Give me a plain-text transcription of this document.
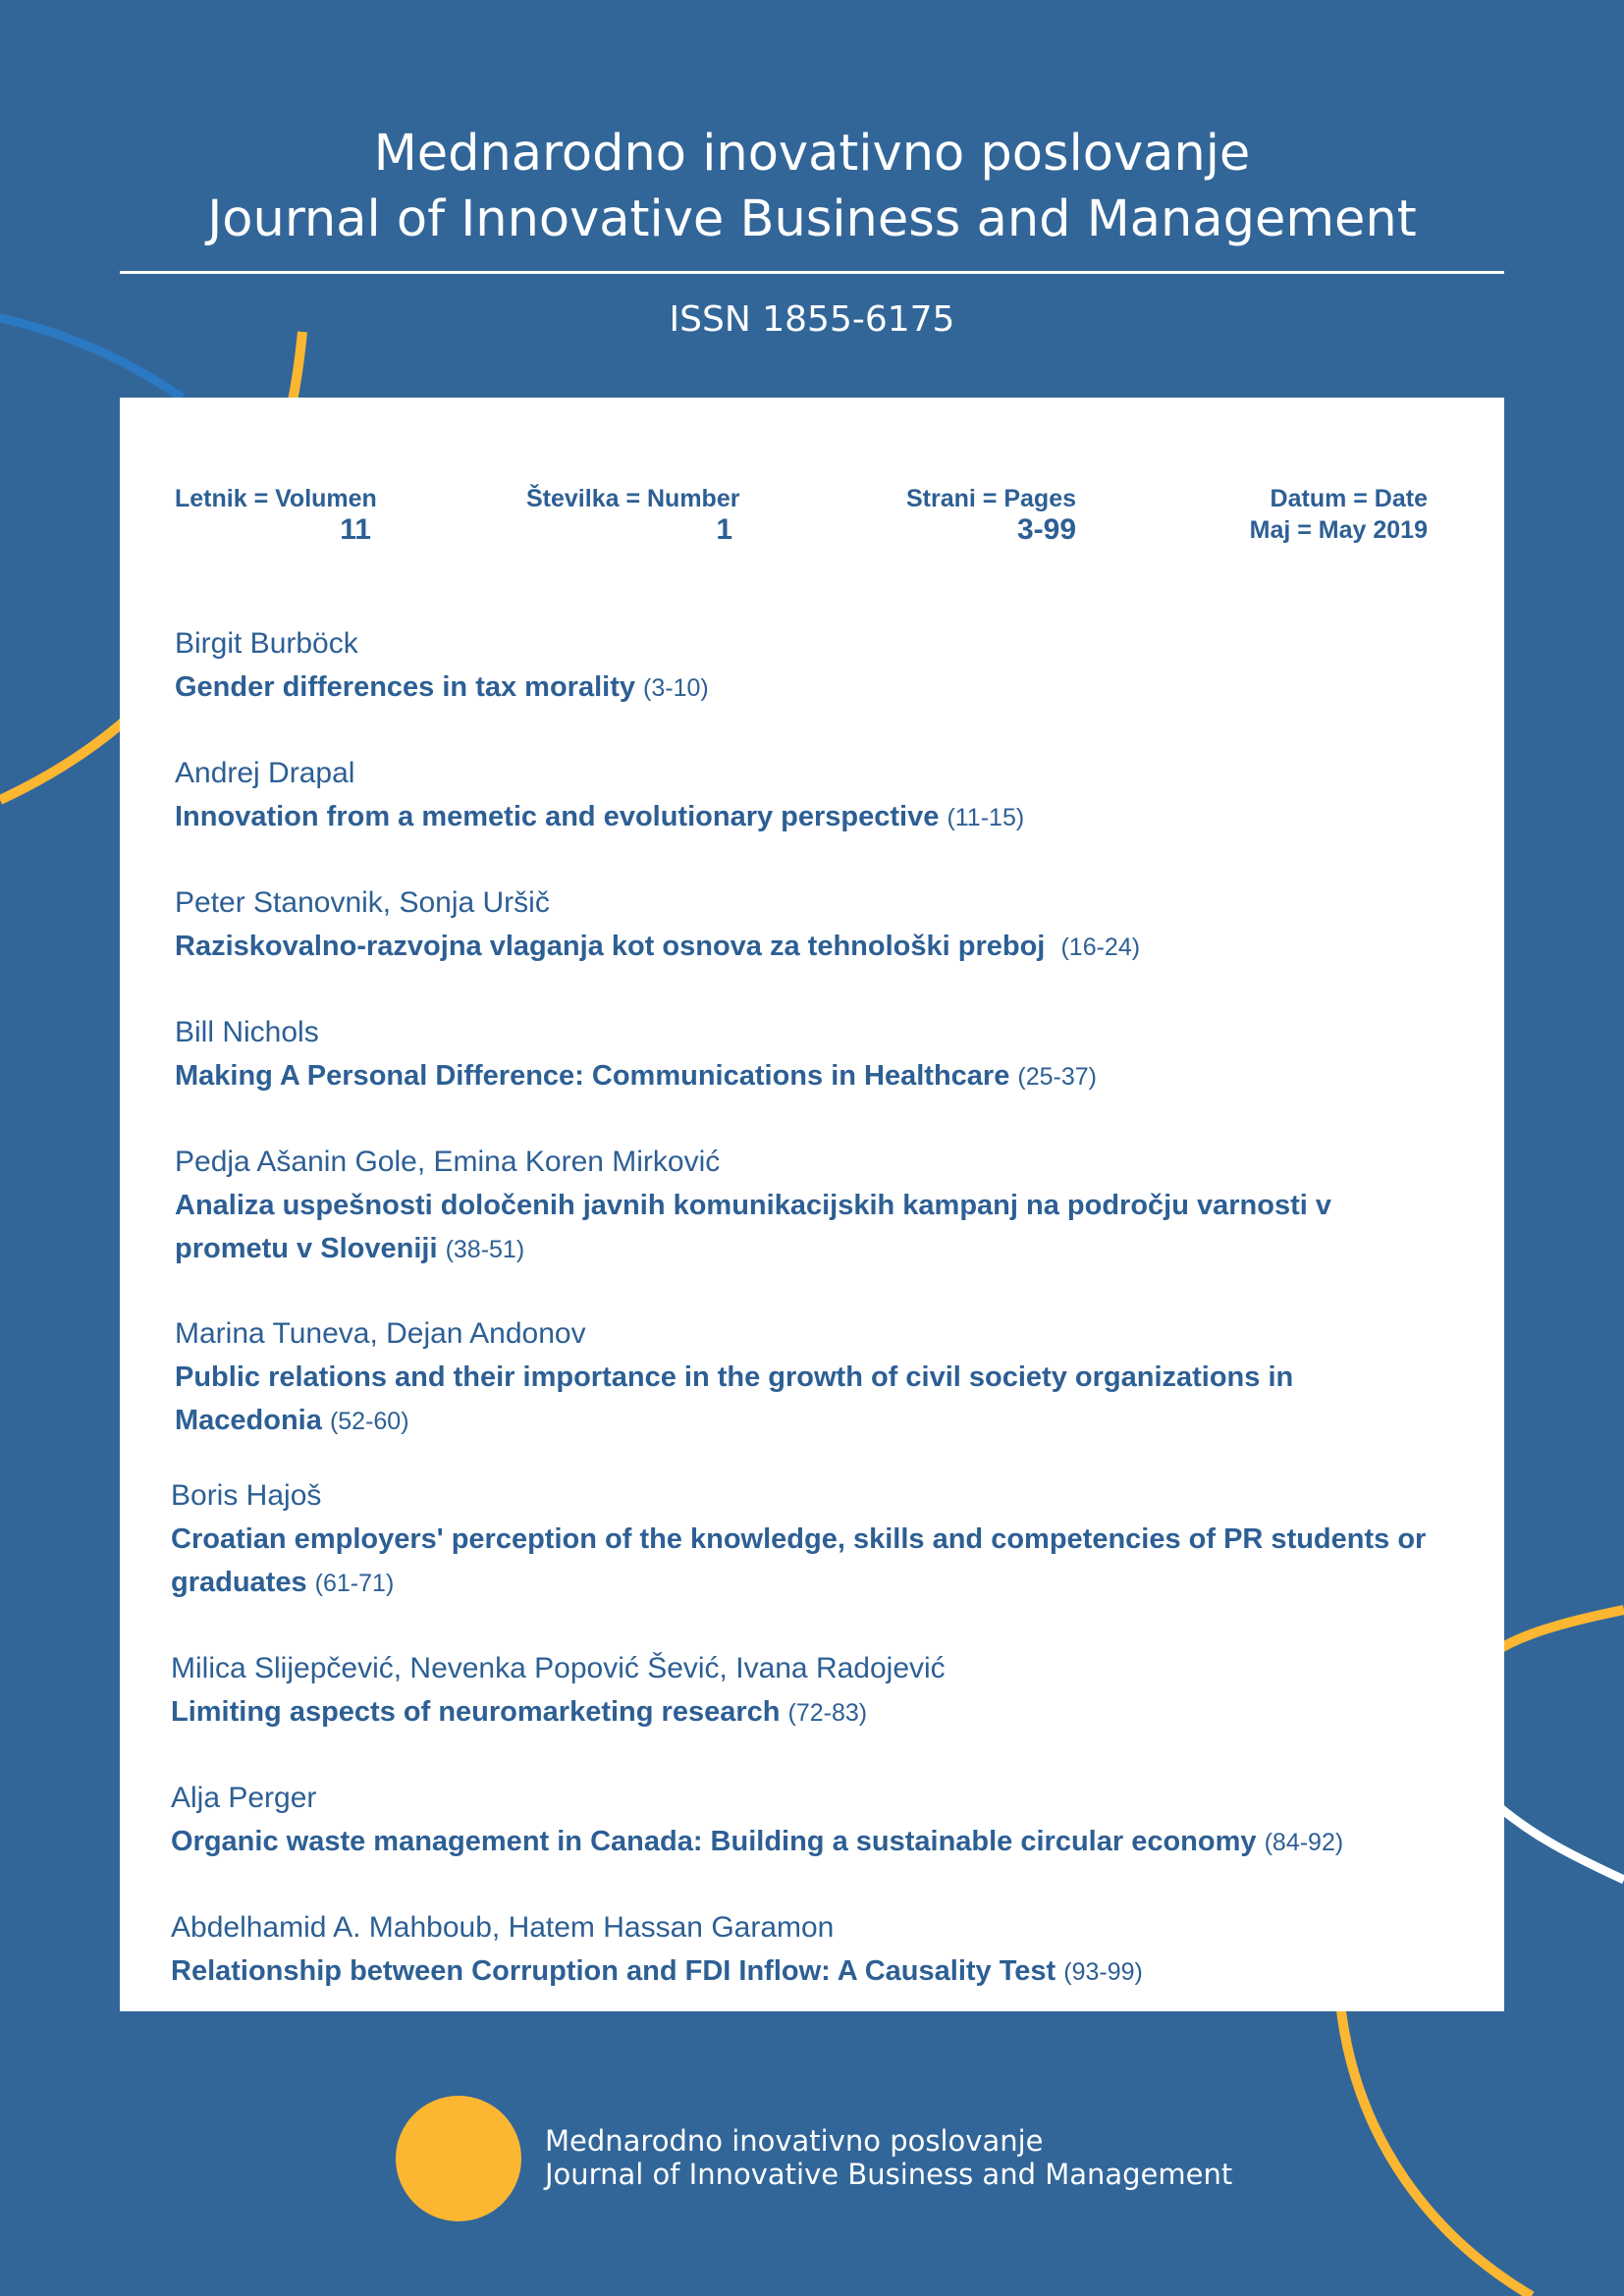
Mednarodno inovativno poslovanje
Journal of Innovative Business and Management
ISSN 1855-6175
Letnik = Volumen
11
Številka = Number
1
Strani = Pages
3-99
Datum = Date
Maj = May 2019
Birgit Burböck
Gender differences in tax morality (3-10)
Andrej Drapal
Innovation from a memetic and evolutionary perspective (11-15)
Peter Stanovnik, Sonja Uršič
Raziskovalno-razvojna vlaganja kot osnova za tehnološki preboj (16-24)
Bill Nichols
Making A Personal Difference: Communications in Healthcare (25-37)
Pedja Ašanin Gole, Emina Koren Mirković
Analiza uspešnosti določenih javnih komunikacijskih kampanj na področju varnosti v prometu v Sloveniji (38-51)
Marina Tuneva, Dejan Andonov
Public relations and their importance in the growth of civil society organizations in Macedonia (52-60)
Boris Hajoš
Croatian employers' perception of the knowledge, skills and competencies of PR students or graduates (61-71)
Milica Slijepčević, Nevenka Popović Šević, Ivana Radojević
Limiting aspects of neuromarketing research (72-83)
Alja Perger
Organic waste management in Canada: Building a sustainable circular economy (84-92)
Abdelhamid A. Mahboub, Hatem Hassan Garamon
Relationship between Corruption and FDI Inflow: A Causality Test (93-99)
Mednarodno inovativno poslovanje
Journal of Innovative Business and Management
